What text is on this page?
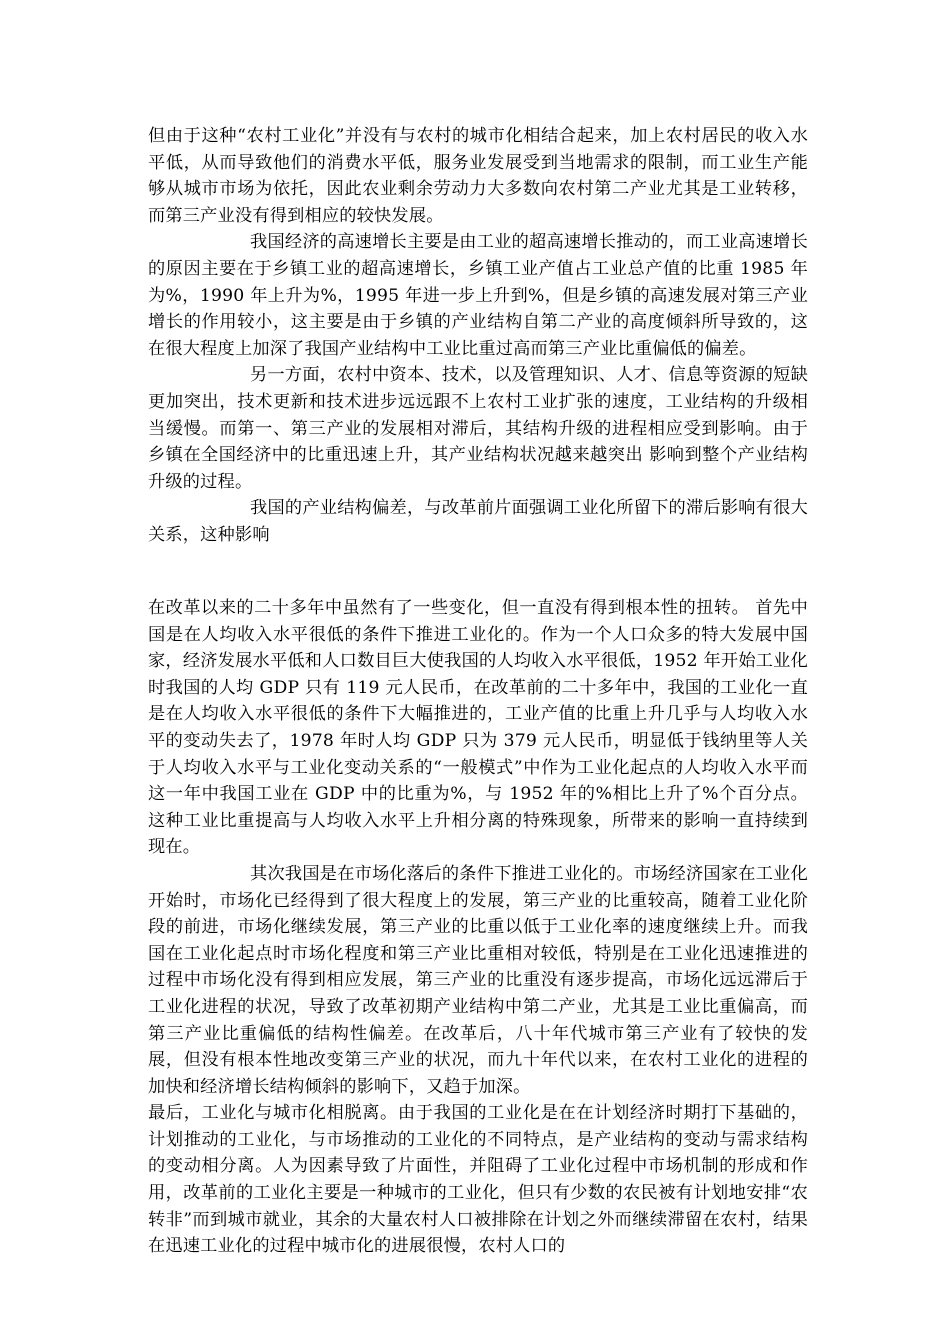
但由于这种“农村工业化”并没有与农村的城市化相结合起来，加上农村居民的收入水平低，从而导致他们的消费水平低，服务业发展受到当地需求的限制，而工业生产能够从城市市场为依托，因此农业剩余劳动力大多数向农村第二产业尤其是工业转移，而第三产业没有得到相应的较快发展。

我国经济的高速增长主要是由工业的超高速增长推动的，而工业高速增长的原因主要在于乡镇工业的超高速增长，乡镇工业产值占工业总产值的比重 1985 年为%，1990 年上升为%，1995 年进一步上升到%，但是乡镇的高速发展对第三产业增长的作用较小，这主要是由于乡镇的产业结构自第二产业的高度倾斜所导致的，这在很大程度上加深了我国产业结构中工业比重过高而第三产业比重偏低的偏差。

另一方面，农村中资本、技术，以及管理知识、人才、信息等资源的短缺更加突出，技术更新和技术进步远远跟不上农村工业扩张的速度，工业结构的升级相当缓慢。而第一、第三产业的发展相对滞后，其结构升级的进程相应受到影响。由于乡镇在全国经济中的比重迅速上升，其产业结构状况越来越突出 影响到整个产业结构升级的过程。

我国的产业结构偏差，与改革前片面强调工业化所留下的滞后影响有很大关系，这种影响

在改革以来的二十多年中虽然有了一些变化，但一直没有得到根本性的扭转。 首先中国是在人均收入水平很低的条件下推进工业化的。作为一个人口众多的特大发展中国家，经济发展水平低和人口数目巨大使我国的人均收入水平很低，1952 年开始工业化时我国的人均 GDP 只有 119 元人民币，在改革前的二十多年中，我国的工业化一直是在人均收入水平很低的条件下大幅推进的，工业产值的比重上升几乎与人均收入水平的变动失去了，1978 年时人均 GDP 只为 379 元人民币，明显低于钱纳里等人关于人均收入水平与工业化变动关系的“一般模式”中作为工业化起点的人均收入水平而这一年中我国工业在 GDP 中的比重为%，与 1952 年的%相比上升了%个百分点。这种工业比重提高与人均收入水平上升相分离的特殊现象，所带来的影响一直持续到现在。

其次我国是在市场化落后的条件下推进工业化的。市场经济国家在工业化开始时，市场化已经得到了很大程度上的发展，第三产业的比重较高，随着工业化阶段的前进，市场化继续发展，第三产业的比重以低于工业化率的速度继续上升。而我国在工业化起点时市场化程度和第三产业比重相对较低，特别是在工业化迅速推进的过程中市场化没有得到相应发展，第三产业的比重没有逐步提高，市场化远远滞后于工业化进程的状况，导致了改革初期产业结构中第二产业，尤其是工业比重偏高，而第三产业比重偏低的结构性偏差。在改革后，八十年代城市第三产业有了较快的发展，但没有根本性地改变第三产业的状况，而九十年代以来，在农村工业化的进程的加快和经济增长结构倾斜的影响下，又趋于加深。

最后，工业化与城市化相脱离。由于我国的工业化是在在计划经济时期打下基础的，计划推动的工业化，与市场推动的工业化的不同特点，是产业结构的变动与需求结构的变动相分离。人为因素导致了片面性，并阻碍了工业化过程中市场机制的形成和作用，改革前的工业化主要是一种城市的工业化，但只有少数的农民被有计划地安排“农转非”而到城市就业，其余的大量农村人口被排除在计划之外而继续滞留在农村，结果在迅速工业化的过程中城市化的进展很慢，农村人口的
